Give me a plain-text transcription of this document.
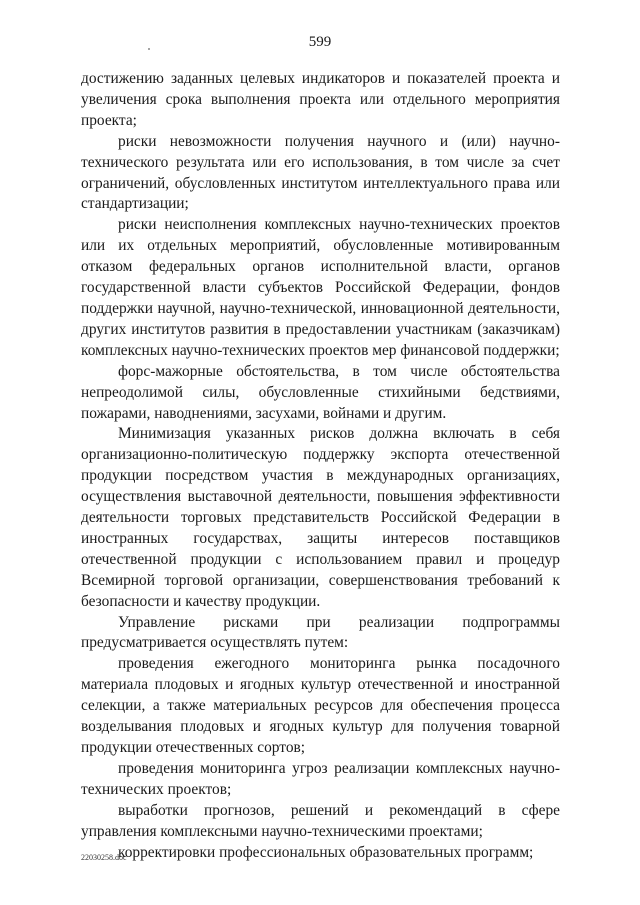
599

достижению заданных целевых индикаторов и показателей проекта и увеличения срока выполнения проекта или отдельного мероприятия проекта;

риски невозможности получения научного и (или) научно-технического результата или его использования, в том числе за счет ограничений, обусловленных институтом интеллектуального права или стандартизации;

риски неисполнения комплексных научно-технических проектов или их отдельных мероприятий, обусловленные мотивированным отказом федеральных органов исполнительной власти, органов государственной власти субъектов Российской Федерации, фондов поддержки научной, научно-технической, инновационной деятельности, других институтов развития в предоставлении участникам (заказчикам) комплексных научно-технических проектов мер финансовой поддержки;

форс-мажорные обстоятельства, в том числе обстоятельства непреодолимой силы, обусловленные стихийными бедствиями, пожарами, наводнениями, засухами, войнами и другим.

Минимизация указанных рисков должна включать в себя организационно-политическую поддержку экспорта отечественной продукции посредством участия в международных организациях, осуществления выставочной деятельности, повышения эффективности деятельности торговых представительств Российской Федерации в иностранных государствах, защиты интересов поставщиков отечественной продукции с использованием правил и процедур Всемирной торговой организации, совершенствования требований к безопасности и качеству продукции.

Управление рисками при реализации подпрограммы предусматривается осуществлять путем:

проведения ежегодного мониторинга рынка посадочного материала плодовых и ягодных культур отечественной и иностранной селекции, а также материальных ресурсов для обеспечения процесса возделывания плодовых и ягодных культур для получения товарной продукции отечественных сортов;

проведения мониторинга угроз реализации комплексных научно-технических проектов;

выработки прогнозов, решений и рекомендаций в сфере управления комплексными научно-техническими проектами;

корректировки профессиональных образовательных программ;

22030258.doc
